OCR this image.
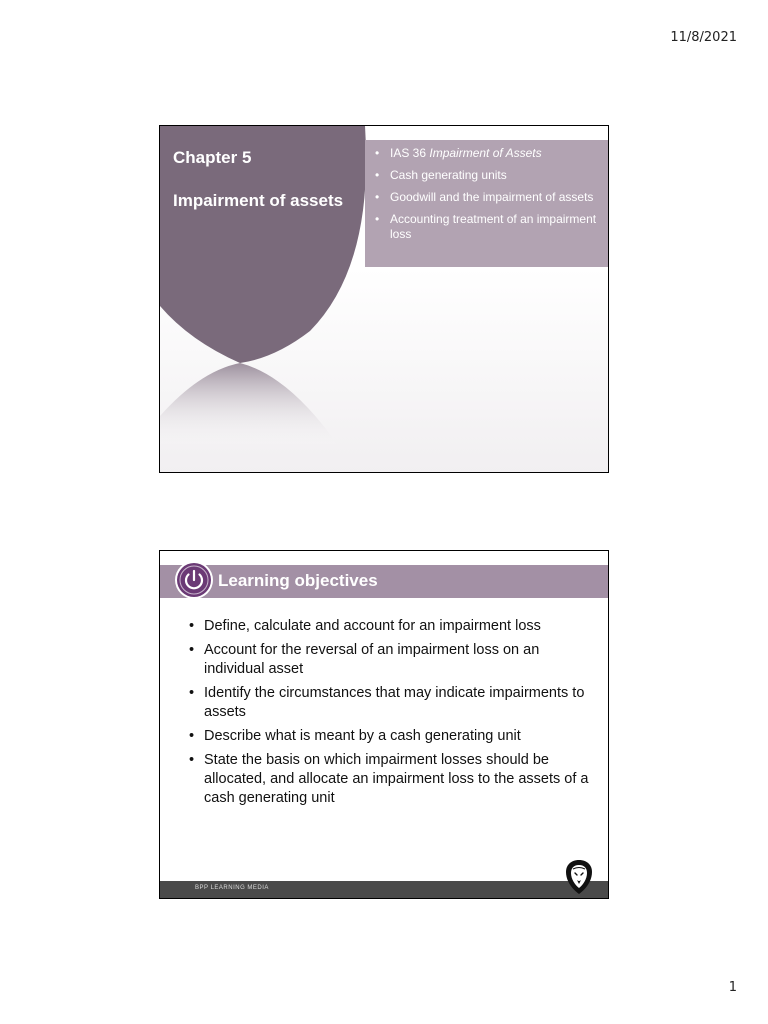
11/8/2021
Chapter 5
Impairment of assets
• IAS 36 Impairment of Assets
• Cash generating units
• Goodwill and the impairment of assets
• Accounting treatment of an impairment loss
Learning objectives
• Define, calculate and account for an impairment loss
• Account for the reversal of an impairment loss on an individual asset
• Identify the circumstances that may indicate impairments to assets
• Describe what is meant by a cash generating unit
• State the basis on which impairment losses should be allocated, and allocate an impairment loss to the assets of a cash generating unit
BPP LEARNING MEDIA
1
